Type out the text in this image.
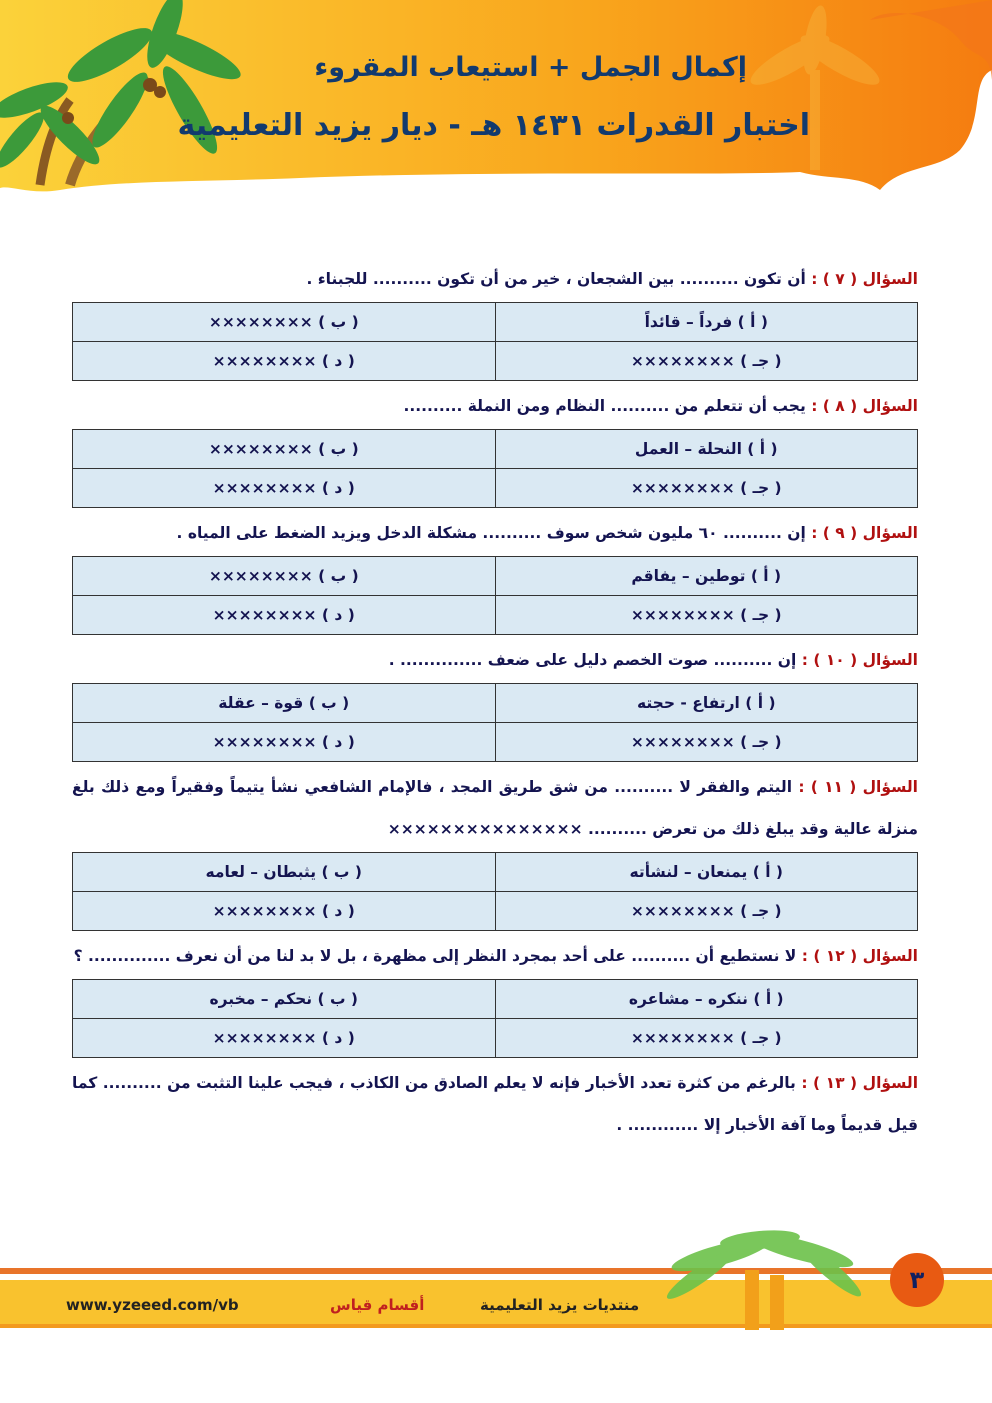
إكمال الجمل + استيعاب المقروء
اختبار القدرات ١٤٣١ هـ - ديار يزيد التعليمية
السؤال ( ٧ ) : أن تكون .......... بين الشجعان ، خير من أن تكون .......... للجبناء .
( أ ) فرداً – قائداً	( ب ) ××××××××
( جـ ) ××××××××	( د ) ××××××××
السؤال ( ٨ ) : يجب أن تتعلم من .......... النظام ومن النملة ..........
( أ ) النحلة – العمل	( ب ) ××××××××
( جـ ) ××××××××	( د ) ××××××××
السؤال ( ٩ ) : إن .......... ٦٠ مليون شخص سوف .......... مشكلة الدخل ويزيد الضغط على المياه .
( أ ) توطين – يفاقم	( ب ) ××××××××
( جـ ) ××××××××	( د ) ××××××××
السؤال ( ١٠ ) : إن .......... صوت الخصم دليل على ضعف .............. .
( أ ) ارتفاع - حجته	( ب ) قوة – عقلة
( جـ ) ××××××××	( د ) ××××××××
السؤال ( ١١ ) : اليتم والفقر لا .......... من شق طريق المجد ، فالإمام الشافعي نشأ يتيماً وفقيراً ومع ذلك بلغ منزلة عالية وقد يبلغ ذلك من تعرض .......... ×××××××××××××××
( أ ) يمنعان – لنشأته	( ب ) يثبطان – لعامه
( جـ ) ××××××××	( د ) ××××××××
السؤال ( ١٢ ) : لا نستطيع أن .......... على أحد بمجرد النظر إلى مظهرة ، بل لا بد لنا من أن نعرف .............. ؟
( أ ) ننكره – مشاعره	( ب ) نحكم – مخبره
( جـ ) ××××××××	( د ) ××××××××
السؤال ( ١٣ ) : بالرغم من كثرة تعدد الأخبار فإنه لا يعلم الصادق من الكاذب ، فيجب علينا التثبت من .......... كما قيل قديماً وما آفة الأخبار إلا ............ .
٣
www.yzeeed.com/vb	أقسام قياس	منتديات يزيد التعليمية
